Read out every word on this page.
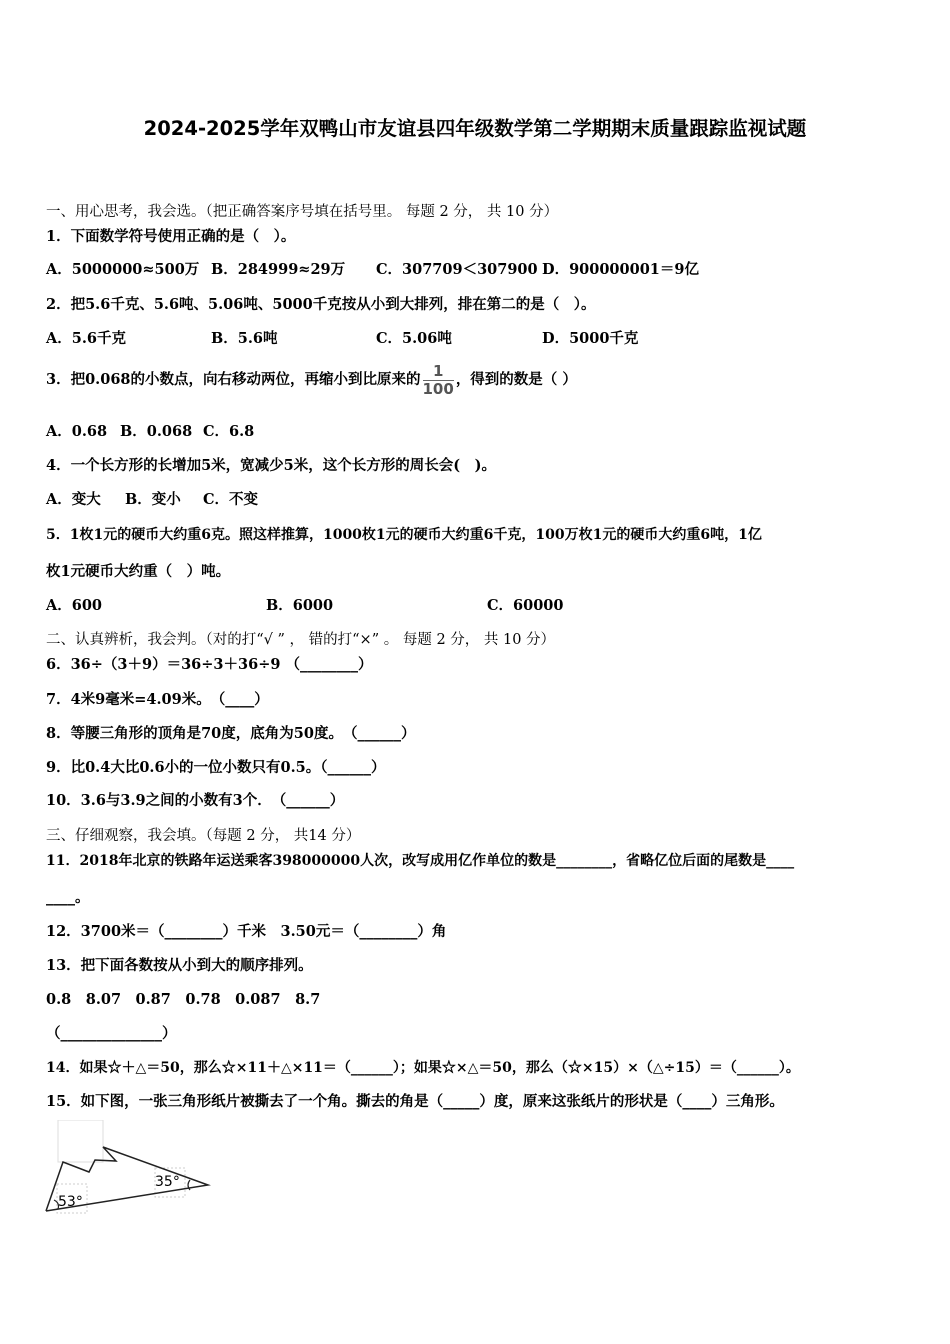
2024-2025学年双鸭山市友谊县四年级数学第二学期期末质量跟踪监视试题
一、用心思考，我会选。（把正确答案序号填在括号里。 每题 2 分， 共 10 分）
1．下面数学符号使用正确的是（　）。
A．5000000≈500万 B．284999≈29万 C．307709＜307900 D．900000001＝9亿
2．把5.6千克、5.6吨、5.06吨、5000千克按从小到大排列，排在第二的是（　）。
A．5.6千克	B．5.6吨	C．5.06吨	D．5000千克
3．把0.068的小数点，向右移动两位，再缩小到比原来的 $\frac{1}{100}$ ，得到的数是（ ）
A．0.68 B．0.068 C．6.8
4．一个长方形的长增加5米，宽减少5米，这个长方形的周长会(　)。
A．变大 B．变小 C．不变
5．1枚1元的硬币大约重6克。照这样推算，1000枚1元的硬币大约重6千克，100万枚1元的硬币大约重6吨，1亿
枚1元硬币大约重（　）吨。
A．600	B．6000	C．60000
二、认真辨析，我会判。（对的打“√ ” ， 错的打“×” 。 每题 2 分， 共 10 分）
6．36÷（3＋9）＝36÷3＋36÷9 （________）
7．4米9毫米=4.09米。　（____）
8．等腰三角形的顶角是70度，底角为50度。　（______）
9．比0.4大比0.6小的一位小数只有0.5。（______）
10．3.6与3.9之间的小数有3个．　（______）
三、仔细观察，我会填。（每题 2 分， 共14 分）
11．2018年北京的铁路年运送乘客398000000人次，改写成用亿作单位的数是________，省略亿位后面的尾数是____
____。
12．3700米＝（________）千米　3.50元＝（________）角
13．把下面各数按从小到大的顺序排列。
0.8　8.07　0.87　0.78　0.087　8.7
（______________）
14．如果☆＋△＝50，那么☆×11＋△×11＝（______）；如果☆×△＝50，那么（☆×15）×（△÷15）＝（______）。
15．如下图，一张三角形纸片被撕去了一个角。撕去的角是（_____）度，原来这张纸片的形状是（____）三角形。
53°
35°
